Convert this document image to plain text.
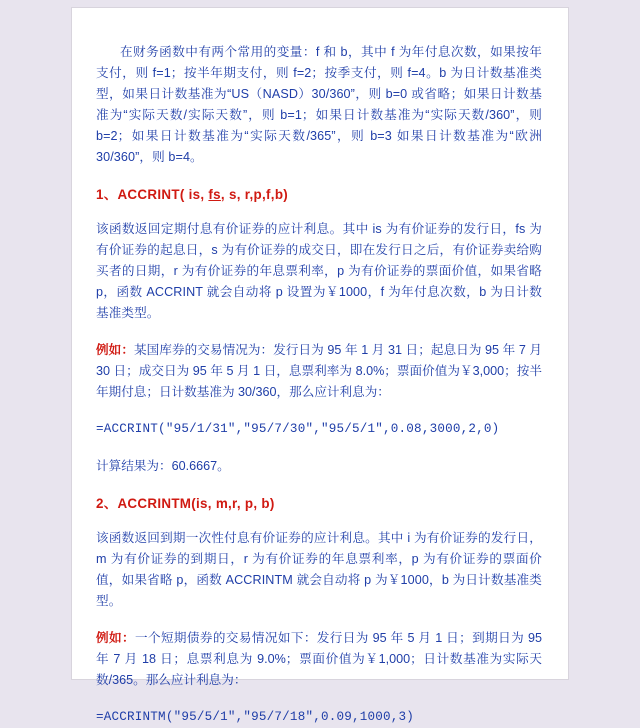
在财务函数中有两个常用的变量：f 和 b，其中 f 为年付息次数，如果按年支付，则 f=1；按半年期支付，则 f=2；按季支付，则 f=4。b 为日计数基准类型，如果日计数基准为“US（NASD）30/360”，则 b=0 或省略；如果日计数基准为“实际天数/实际天数”，则 b=1；如果日计数基准为“实际天数/360”，则 b=2；如果日计数基准为“实际天数/365”，则 b=3 如果日计数基准为“欧洲 30/360”，则 b=4。

1、ACCRINT( is, fs, s, r,p,f,b)

该函数返回定期付息有价证券的应计利息。其中 is 为有价证券的发行日，fs 为有价证券的起息日，s 为有价证券的成交日，即在发行日之后，有价证券卖给购买者的日期，r 为有价证券的年息票利率，p 为有价证券的票面价值，如果省略 p，函数 ACCRINT 就会自动将 p 设置为￥1000，f 为年付息次数，b 为日计数基准类型。

例如：某国库券的交易情况为：发行日为 95 年 1 月 31 日；起息日为 95 年 7 月 30 日；成交日为 95 年 5 月 1 日，息票利率为 8.0%；票面价值为￥3,000；按半年期付息；日计数基准为 30/360，那么应计利息为：

=ACCRINT("95/1/31","95/7/30","95/5/1",0.08,3000,2,0)

计算结果为：60.6667。

2、ACCRINTM(is, m,r, p, b)

该函数返回到期一次性付息有价证券的应计利息。其中 i 为有价证券的发行日，m 为有价证券的到期日，r 为有价证券的年息票利率，p 为有价证券的票面价值，如果省略 p，函数 ACCRINTM 就会自动将 p 为￥1000，b 为日计数基准类型。

例如：一个短期债券的交易情况如下：发行日为 95 年 5 月 1 日；到期日为 95 年 7 月 18 日；息票利息为 9.0%；票面价值为￥1,000；日计数基准为实际天数/365。那么应计利息为：

=ACCRINTM("95/5/1","95/7/18",0.09,1000,3)
